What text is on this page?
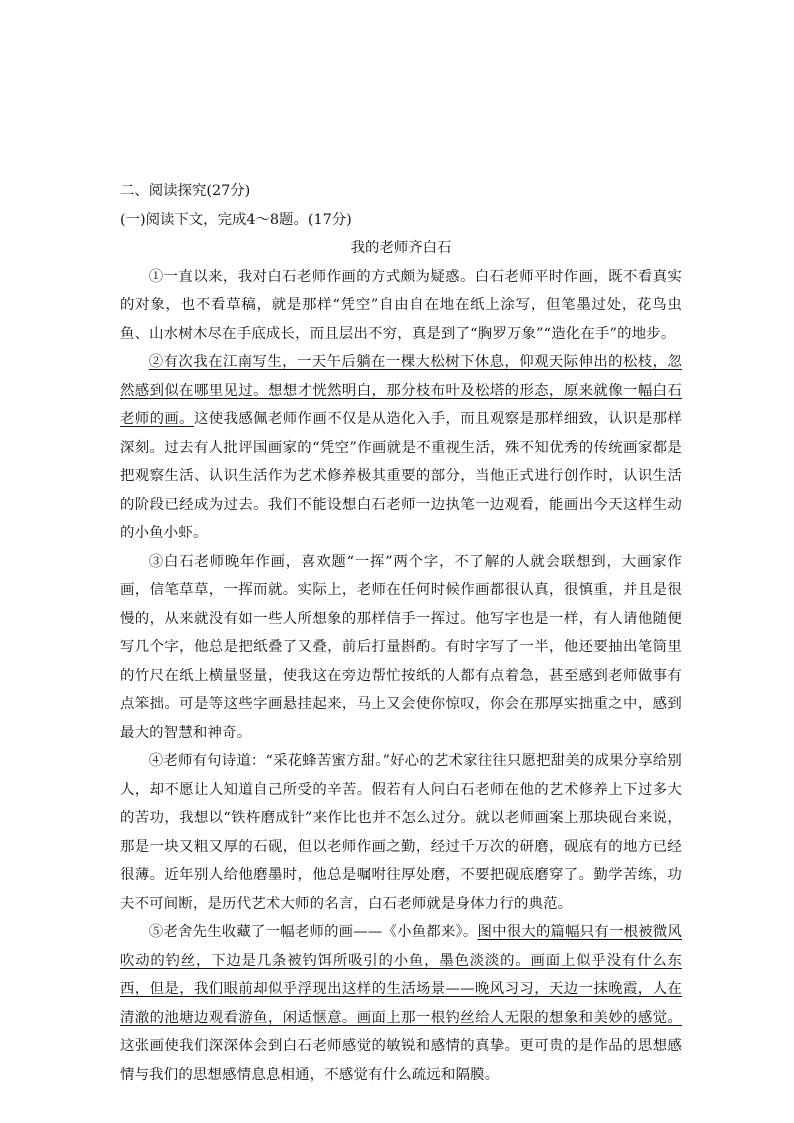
二、阅读探究(27分)

(一)阅读下文，完成4～8题。(17分)

我的老师齐白石

①一直以来，我对白石老师作画的方式颇为疑惑。白石老师平时作画，既不看真实的对象，也不看草稿，就是那样“凭空”自由自在地在纸上涂写，但笔墨过处，花鸟虫鱼、山水树木尽在手底成长，而且层出不穷，真是到了“胸罗万象”“造化在手”的地步。

②有次我在江南写生，一天午后躺在一棵大松树下休息，仰观天际伸出的松枝，忽然感到似在哪里见过。想想才恍然明白，那分枝布叶及松塔的形态，原来就像一幅白石老师的画。这使我感佩老师作画不仅是从造化入手，而且观察是那样细致，认识是那样深刻。过去有人批评国画家的“凭空”作画就是不重视生活，殊不知优秀的传统画家都是把观察生活、认识生活作为艺术修养极其重要的部分，当他正式进行创作时，认识生活的阶段已经成为过去。我们不能设想白石老师一边执笔一边观看，能画出今天这样生动的小鱼小虾。

③白石老师晚年作画，喜欢题“一挥”两个字，不了解的人就会联想到，大画家作画，信笔草草，一挥而就。实际上，老师在任何时候作画都很认真，很慎重，并且是很慢的，从来就没有如一些人所想象的那样信手一挥过。他写字也是一样，有人请他随便写几个字，他总是把纸叠了又叠，前后打量斟酌。有时字写了一半，他还要抽出笔筒里的竹尺在纸上横量竖量，使我这在旁边帮忙按纸的人都有点着急，甚至感到老师做事有点笨拙。可是等这些字画悬挂起来，马上又会使你惊叹，你会在那厚实拙重之中，感到最大的智慧和神奇。

④老师有句诗道：“采花蜂苦蜜方甜。”好心的艺术家往往只愿把甜美的成果分享给别人，却不愿让人知道自己所受的辛苦。假若有人问白石老师在他的艺术修养上下过多大的苦功，我想以“铁杵磨成针”来作比也并不怎么过分。就以老师画案上那块砚台来说，那是一块又粗又厚的石砚，但以老师作画之勤，经过千万次的研磨，砚底有的地方已经很薄。近年别人给他磨墨时，他总是嘱咐往厚处磨，不要把砚底磨穿了。勤学苦练，功夫不可间断，是历代艺术大师的名言，白石老师就是身体力行的典范。

⑤老舍先生收藏了一幅老师的画——《小鱼都来》。图中很大的篇幅只有一根被微风吹动的钓丝，下边是几条被钓饵所吸引的小鱼，墨色淡淡的。画面上似乎没有什么东西，但是，我们眼前却似乎浮现出这样的生活场景——晚风习习，天边一抹晚霞，人在清澈的池塘边观看游鱼，闲适惬意。画面上那一根钓丝给人无限的想象和美妙的感觉。这张画使我们深深体会到白石老师感觉的敏锐和感情的真挚。更可贵的是作品的思想感情与我们的思想感情息息相通，不感觉有什么疏远和隔膜。
